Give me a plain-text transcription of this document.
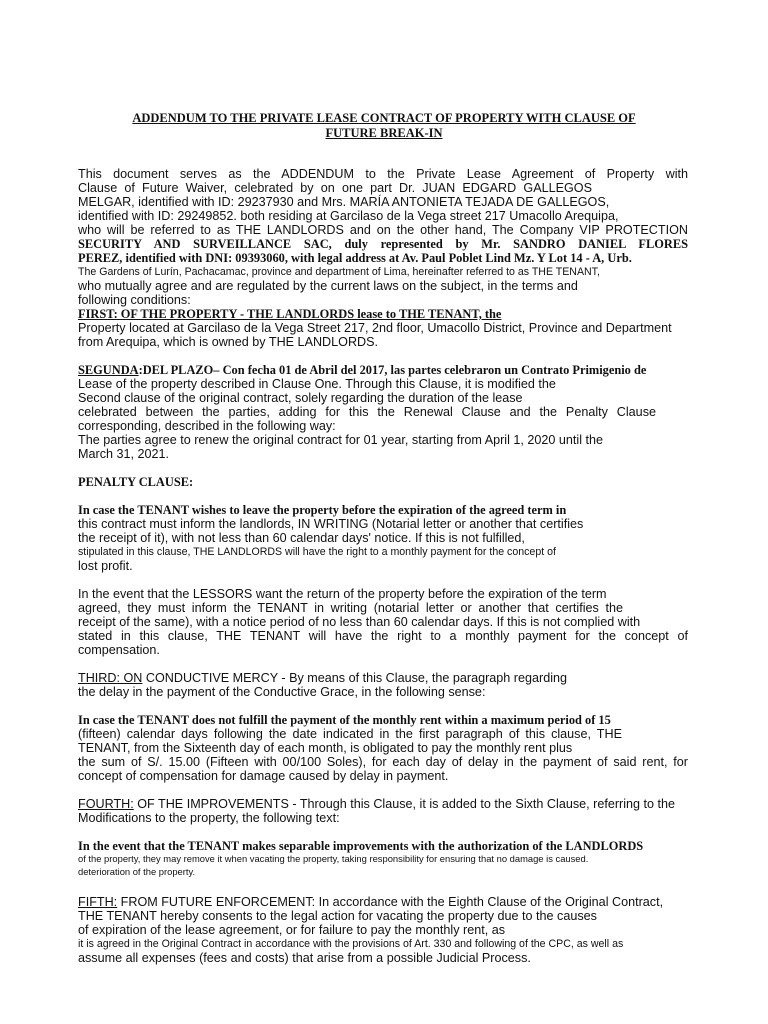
ADDENDUM TO THE PRIVATE LEASE CONTRACT OF PROPERTY WITH CLAUSE OF
FUTURE BREAK-IN
This document serves as the ADDENDUM to the Private Lease Agreement of Property with
Clause of Future Waiver, celebrated by on one part Dr. JUAN EDGARD GALLEGOS
MELGAR, identified with ID: 29237930 and Mrs. MARÍA ANTONIETA TEJADA DE GALLEGOS,
identified with ID: 29249852. both residing at Garcilaso de la Vega street 217 Umacollo Arequipa,
who will be referred to as THE LANDLORDS and on the other hand, The Company VIP PROTECTION
SECURITY AND SURVEILLANCE SAC, duly represented by Mr. SANDRO DANIEL FLORES
PEREZ, identified with DNI: 09393060, with legal address at Av. Paul Poblet Lind Mz. Y Lot 14 - A, Urb.
The Gardens of Lurín, Pachacamac, province and department of Lima, hereinafter referred to as THE TENANT,
who mutually agree and are regulated by the current laws on the subject, in the terms and
following conditions:
FIRST: OF THE PROPERTY - THE LANDLORDS lease to THE TENANT, the
Property located at Garcilaso de la Vega Street 217, 2nd floor, Umacollo District, Province and Department
from Arequipa, which is owned by THE LANDLORDS.
SEGUNDA:DEL PLAZO– Con fecha 01 de Abril del 2017, las partes celebraron un Contrato Primigenio de
Lease of the property described in Clause One. Through this Clause, it is modified the
Second clause of the original contract, solely regarding the duration of the lease
celebrated between the parties, adding for this the Renewal Clause and the Penalty Clause
corresponding, described in the following way:
The parties agree to renew the original contract for 01 year, starting from April 1, 2020 until the
March 31, 2021.
PENALTY CLAUSE:
In case the TENANT wishes to leave the property before the expiration of the agreed term in
this contract must inform the landlords, IN WRITING (Notarial letter or another that certifies
the receipt of it), with not less than 60 calendar days' notice. If this is not fulfilled,
stipulated in this clause, THE LANDLORDS will have the right to a monthly payment for the concept of
lost profit.
In the event that the LESSORS want the return of the property before the expiration of the term
agreed, they must inform the TENANT in writing (notarial letter or another that certifies the
receipt of the same), with a notice period of no less than 60 calendar days. If this is not complied with
stated in this clause, THE TENANT will have the right to a monthly payment for the concept of
compensation.
THIRD: ON CONDUCTIVE MERCY - By means of this Clause, the paragraph regarding
the delay in the payment of the Conductive Grace, in the following sense:
In case the TENANT does not fulfill the payment of the monthly rent within a maximum period of 15
(fifteen) calendar days following the date indicated in the first paragraph of this clause, THE
TENANT, from the Sixteenth day of each month, is obligated to pay the monthly rent plus
the sum of S/. 15.00 (Fifteen with 00/100 Soles), for each day of delay in the payment of said rent, for
concept of compensation for damage caused by delay in payment.
FOURTH: OF THE IMPROVEMENTS - Through this Clause, it is added to the Sixth Clause, referring to the
Modifications to the property, the following text:
In the event that the TENANT makes separable improvements with the authorization of the LANDLORDS
of the property, they may remove it when vacating the property, taking responsibility for ensuring that no damage is caused.
deterioration of the property.
FIFTH: FROM FUTURE ENFORCEMENT: In accordance with the Eighth Clause of the Original Contract,
THE TENANT hereby consents to the legal action for vacating the property due to the causes
of expiration of the lease agreement, or for failure to pay the monthly rent, as
it is agreed in the Original Contract in accordance with the provisions of Art. 330 and following of the CPC, as well as
assume all expenses (fees and costs) that arise from a possible Judicial Process.
